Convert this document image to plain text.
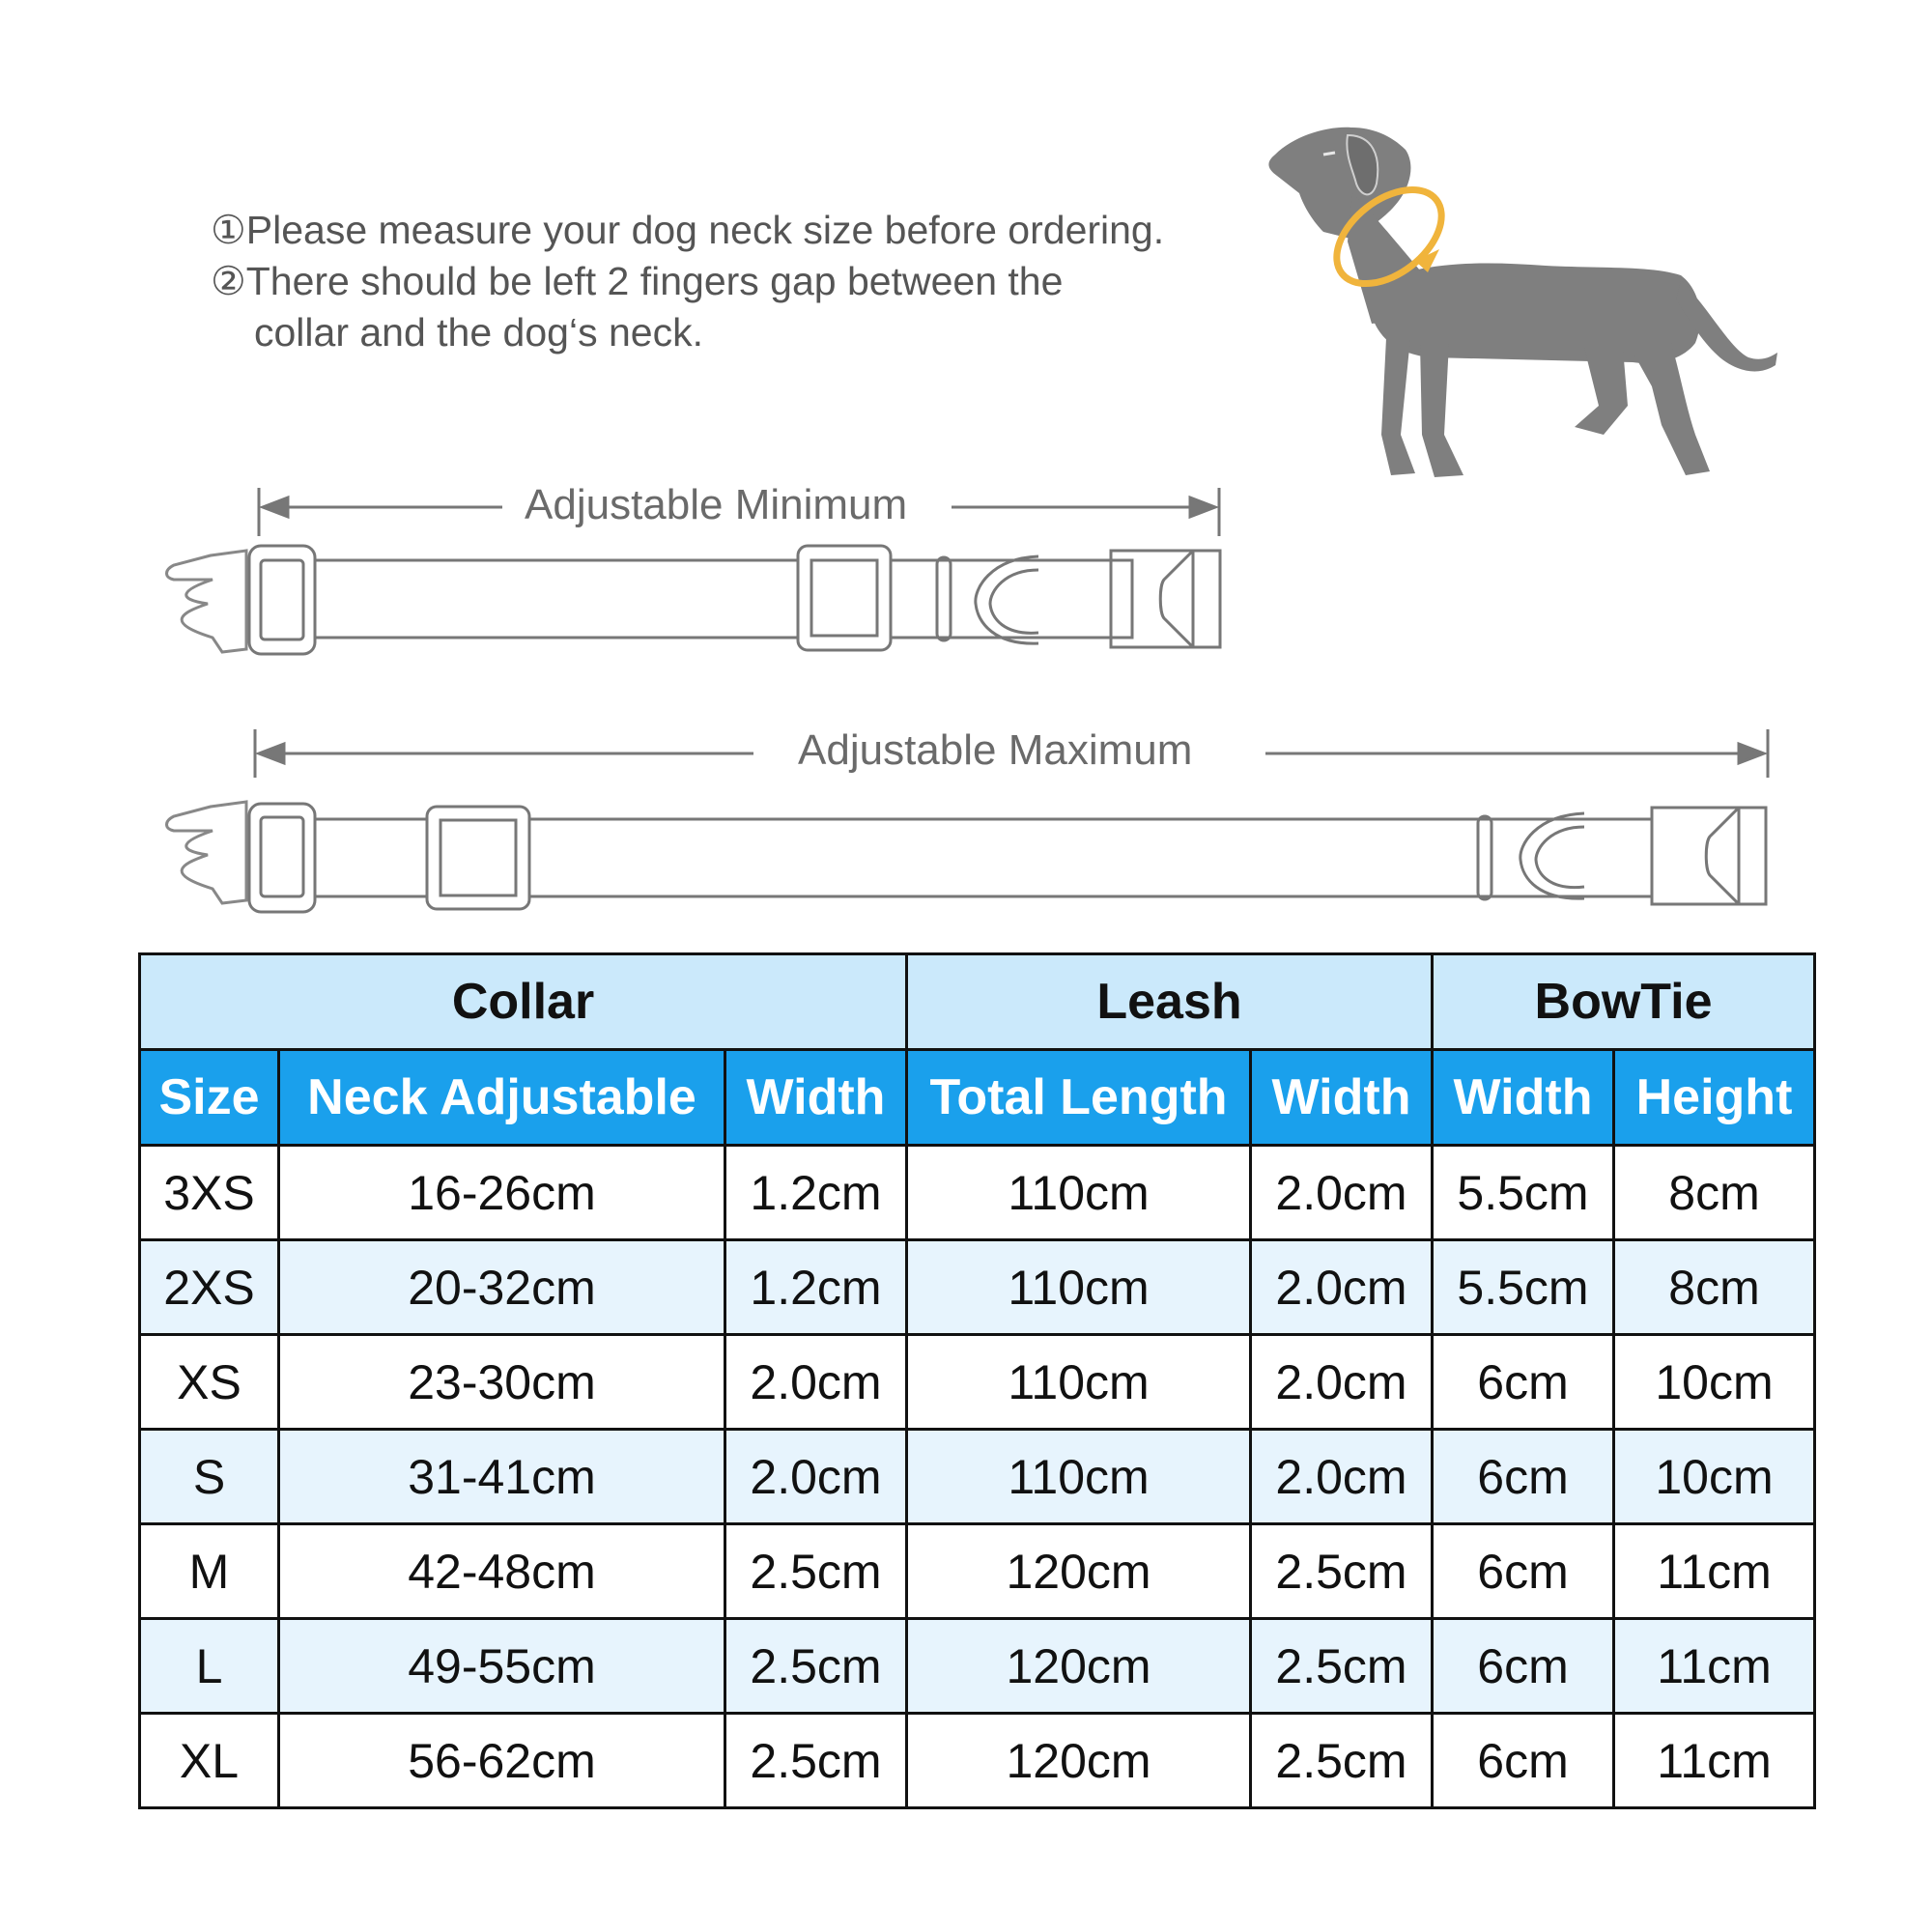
①Please measure your dog neck size before ordering.
②There should be left 2 fingers gap between the
collar and the dog‘s neck.
Adjustable Minimum
Adjustable Maximum
Collar			Leash		BowTie	
Size	Neck Adjustable	Width	Total Length	Width	Width	Height
3XS	16-26cm	1.2cm	110cm	2.0cm	5.5cm	8cm
2XS	20-32cm	1.2cm	110cm	2.0cm	5.5cm	8cm
XS	23-30cm	2.0cm	110cm	2.0cm	6cm	10cm
S	31-41cm	2.0cm	110cm	2.0cm	6cm	10cm
M	42-48cm	2.5cm	120cm	2.5cm	6cm	11cm
L	49-55cm	2.5cm	120cm	2.5cm	6cm	11cm
XL	56-62cm	2.5cm	120cm	2.5cm	6cm	11cm
